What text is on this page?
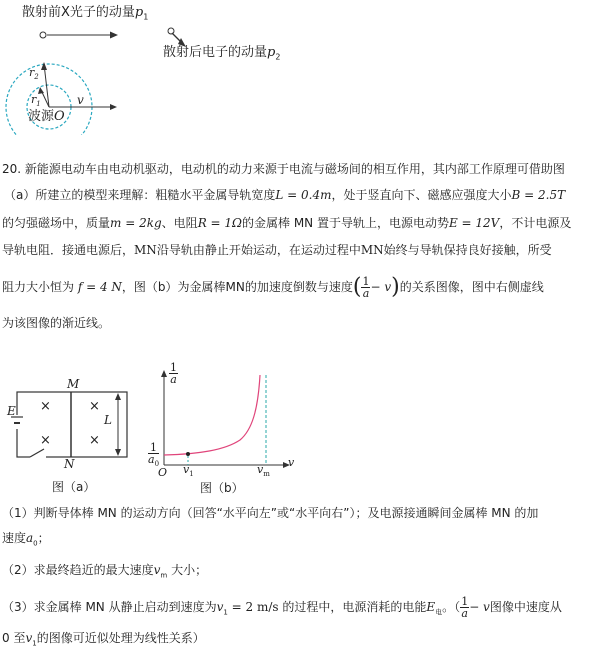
散射前X光子的动量$p_1$
散射后电子的动量$p_2$
$r_2$
$r_1$	v
波源O
20. 新能源电动车由电动机驱动，电动机的动力来源于电流与磁场间的相互作用，其内部工作原理可借助图
（a）所建立的模型来理解：粗糙水平金属导轨宽度L = 0.4m，处于竖直向下、磁感应强度大小B = 2.5T
的匀强磁场中，质量m = 2kg、电阻R = 1Ω的金属棒 MN 置于导轨上，电源电动势E = 12V，不计电源及
导轨电阻．接通电源后，MN沿导轨由静止开始运动，在运动过程中MN始终与导轨保持良好接触，所受
阻力大小恒为 f = 4 N，图（b）为金属棒MN的加速度倒数与速度( $\frac{1}{a} - v$)的关系图像，图中右侧虚线
为该图像的渐近线。
×	×
×	×
M
N
E
L
图（a）
$\frac{1}{a}$
$\frac{1}{a_0}$
O $v_1$	$v_m$
v
图（b）
（1）判断导体棒 MN 的运动方向（回答“水平向左”或“水平向右”）；及电源接通瞬间金属棒 MN 的加
速度$a_0$；
（2）求最终趋近的最大速度$v_m$ 大小；
（3）求金属棒 MN 从静止启动到速度为$v_1 = 2$ m/s 的过程中，电源消耗的电能$E_电$。（ $\frac{1}{a} - v$图像中速度从
0 至$v_1$的图像可近似处理为线性关系）
